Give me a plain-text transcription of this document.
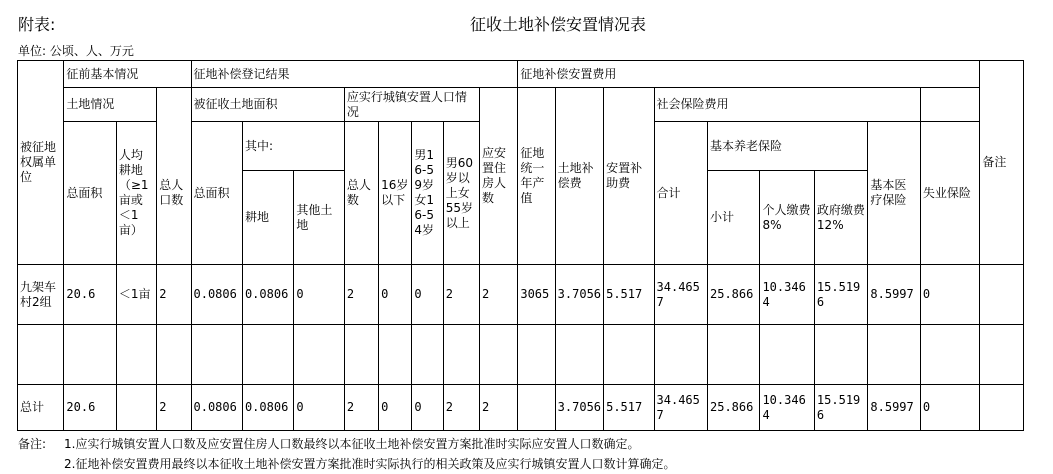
附表:	征收土地补偿安置情况表
单位: 公顷、人、万元
被征地权属单位	征前基本情况			征地补偿登记结果								征地补偿安置费用									备注
	土地情况		总人口数	被征收土地面积			应实行城镇安置人口情况				应安置住房人数	征地统一年产值	土地补偿费	安置补助费	社会保险费用						
	总面积	人均耕地（≥1亩或＜1亩）		总面积	其中:		总人数	16岁以下	男16-59岁女16-54岁	男60岁以上女55岁以上					合计	基本养老保险			基本医疗保险	失业保险	
					耕地	其他土地										小计	个人缴费8%	政府缴费12%			

九架车村2组	20.6	＜1亩	2	0.0806	0.0806	0	2	0	0	2	2	3065	3.7056	5.517	34.4657	25.866	10.3464	15.5196	8.5997	0	

总计	20.6		2	0.0806	0.0806	0	2	0	0	2	2		3.7056	5.517	34.4657	25.866	10.3464	15.5196	8.5997	0	
备注: 1.应实行城镇安置人口数及应安置住房人口数最终以本征收土地补偿安置方案批准时实际应安置人口数确定。
2.征地补偿安置费用最终以本征收土地补偿安置方案批准时实际执行的相关政策及应实行城镇安置人口数计算确定。
